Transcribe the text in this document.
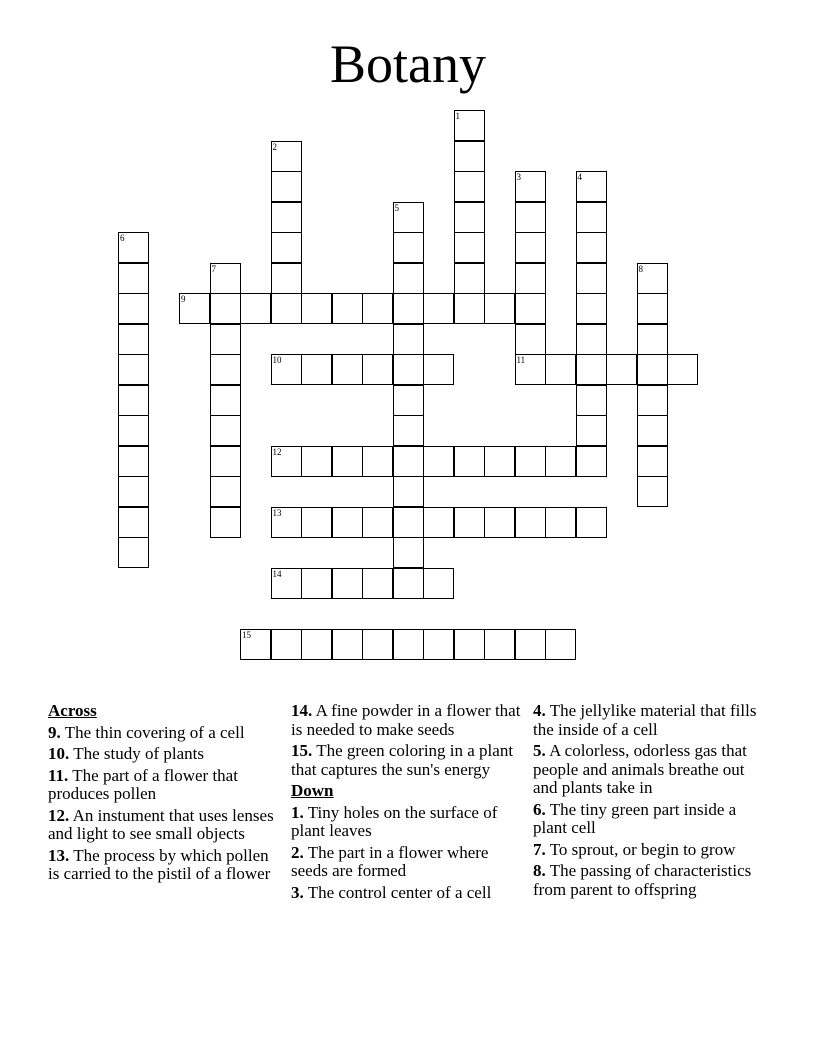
Botany
1
2
3
11
4
5
6
7	8
9
10
12
13
14
15
Across
9. The thin covering of a cell
10. The study of plants
11. The part of a flower that produces pollen
12. An instument that uses lenses and light to see small objects
13. The process by which pollen is carried to the pistil of a flower
14. A fine powder in a flower that is needed to make seeds
15. The green coloring in a plant that captures the sun's energy
Down
1. Tiny holes on the surface of plant leaves
2. The part in a flower where seeds are formed
3. The control center of a cell
4. The jellylike material that fills the inside of a cell
5. A colorless, odorless gas that people and animals breathe out and plants take in
6. The tiny green part inside a plant cell
7. To sprout, or begin to grow
8. The passing of characteristics from parent to offspring
